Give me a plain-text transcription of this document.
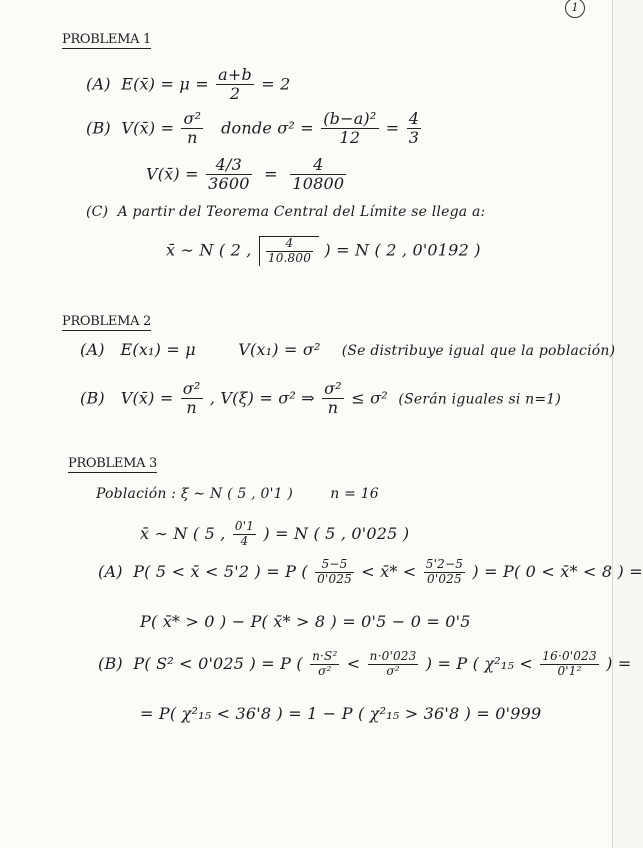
1
PROBLEMA 1
(A) E(x̄) = $\mu = \frac{a+b}{2} = 2$
(B) V(x̄) = $\frac{\text{σ²}}{n}$ donde $\sigma^2 = \frac{\text{(b−a)²}}{12} = \frac{4}{3}$
V(x̄) = $\frac{4/3}{3600} = \frac{4}{10800}$
(C) A partir del Teorema Central del Límite se llega a:
x̄ ∼ N ( 2 , $\frac{4}{10.800}$ ) = N ( 2 , 0'0192 )
PROBLEMA 2
(A) E(x₁) = μ	V(x₁) = σ² (Se distribuye igual que la población)
(B) V(x̄) = $\frac{\text{σ²}}{n}$ , V(ξ) = σ² ⇒ $\frac{\text{σ²}}{n} \le \sigma^2$ (Serán iguales si n=1)
PROBLEMA 3
Población : ξ ∼ N ( 5 , 0'1 )	n = 16
x̄ ∼ N ( 5 , $\frac{0'1}{4}$ ) = N ( 5 , 0'025 )
(A) P( 5 < x̄ < 5'2 ) = P ( $\frac{5-5}{0'025}$ < x̄* < $\frac{5'2-5}{0'025}$ ) = P( 0 < x̄* < 8 ) =
P( x̄* > 0 ) − P( x̄* > 8 ) = 0'5 − 0 = 0'5
(B) P( S² < 0'025 ) = P ( $\frac{\text{n·S²}}{\text{σ²}} < \frac{n\cdot 0'023}{\text{σ²}}$ ) = P ( $\chi^2_{15} < \frac{16\cdot 0'023}{\text{0'1²}}$ ) =
= P( χ²₁₅ < 36'8 ) = 1 − P ( χ²₁₅ > 36'8 ) = 0'999
